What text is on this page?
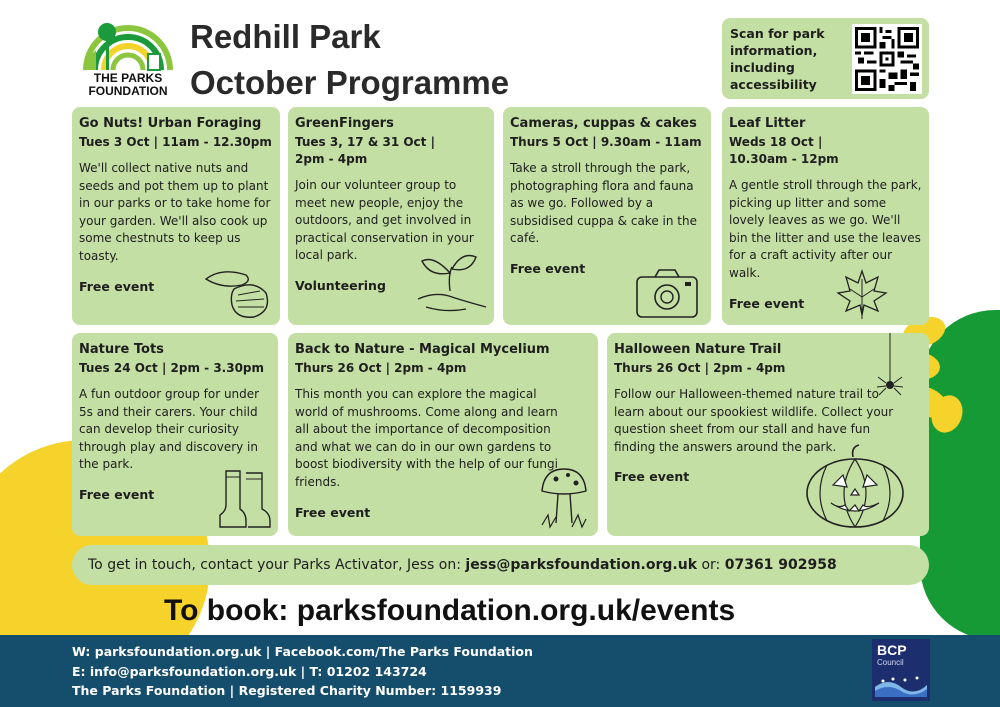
THE PARKS
FOUNDATION
Redhill Park
October Programme
Scan for park information, including accessibility
Go Nuts! Urban Foraging
Tues 3 Oct | 11am - 12.30pm
We'll collect native nuts and seeds and pot them up to plant in our parks or to take home for your garden. We'll also cook up some chestnuts to keep us toasty.
Free event
GreenFingers
Tues 3, 17 & 31 Oct |
2pm - 4pm
Join our volunteer group to meet new people, enjoy the outdoors, and get involved in practical conservation in your local park.
Volunteering
Cameras, cuppas & cakes
Thurs 5 Oct | 9.30am - 11am
Take a stroll through the park, photographing flora and fauna as we go. Followed by a subsidised cuppa & cake in the café.
Free event
Leaf Litter
Weds 18 Oct |
10.30am - 12pm
A gentle stroll through the park, picking up litter and some lovely leaves as we go. We'll bin the litter and use the leaves for a craft activity after our walk.
Free event
Nature Tots
Tues 24 Oct | 2pm - 3.30pm
A fun outdoor group for under 5s and their carers. Your child can develop their curiosity through play and discovery in the park.
Free event
Back to Nature - Magical Mycelium
Thurs 26 Oct | 2pm - 4pm
This month you can explore the magical world of mushrooms. Come along and learn all about the importance of decomposition and what we can do in our own gardens to boost biodiversity with the help of our fungi friends.
Free event
Halloween Nature Trail
Thurs 26 Oct | 2pm - 4pm
Follow our Halloween-themed nature trail to learn about our spookiest wildlife. Collect your question sheet from our stall and have fun finding the answers around the park.
Free event
To get in touch, contact your Parks Activator, Jess on: jess@parksfoundation.org.uk or: 07361 902958
To book: parksfoundation.org.uk/events
W: parksfoundation.org.uk | Facebook.com/The Parks Foundation
E: info@parksfoundation.org.uk | T: 01202 143724
The Parks Foundation | Registered Charity Number: 1159939
BCP
Council
